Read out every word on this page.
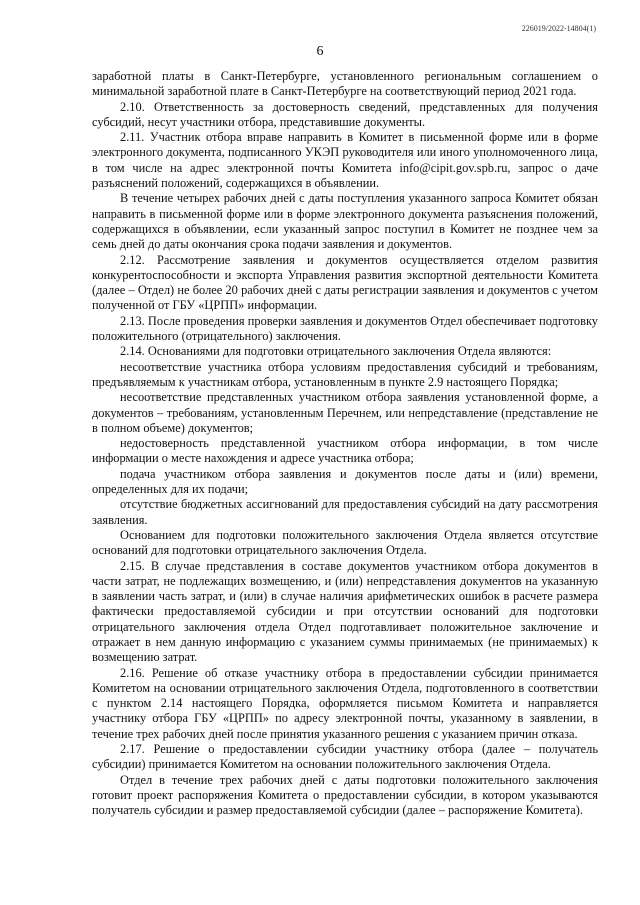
226019/2022-14804(1)
6

заработной платы в Санкт-Петербурге, установленного региональным соглашением о минимальной заработной плате в Санкт-Петербурге на соответствующий период 2021 года.

2.10. Ответственность за достоверность сведений, представленных для получения субсидий, несут участники отбора, представившие документы.

2.11. Участник отбора вправе направить в Комитет в письменной форме или в форме электронного документа, подписанного УКЭП руководителя или иного уполномоченного лица, в том числе на адрес электронной почты Комитета info@cipit.gov.spb.ru, запрос о даче разъяснений положений, содержащихся в объявлении.

В течение четырех рабочих дней с даты поступления указанного запроса Комитет обязан направить в письменной форме или в форме электронного документа разъяснения положений, содержащихся в объявлении, если указанный запрос поступил в Комитет не позднее чем за семь дней до даты окончания срока подачи заявления и документов.

2.12. Рассмотрение заявления и документов осуществляется отделом развития конкурентоспособности и экспорта Управления развития экспортной деятельности Комитета (далее – Отдел) не более 20 рабочих дней с даты регистрации заявления и документов с учетом полученной от ГБУ «ЦРПП» информации.

2.13. После проведения проверки заявления и документов Отдел обеспечивает подготовку положительного (отрицательного) заключения.

2.14. Основаниями для подготовки отрицательного заключения Отдела являются:

несоответствие участника отбора условиям предоставления субсидий и требованиям, предъявляемым к участникам отбора, установленным в пункте 2.9 настоящего Порядка;

несоответствие представленных участником отбора заявления установленной форме, а документов – требованиям, установленным Перечнем, или непредставление (представление не в полном объеме) документов;

недостоверность представленной участником отбора информации, в том числе информации о месте нахождения и адресе участника отбора;

подача участником отбора заявления и документов после даты и (или) времени, определенных для их подачи;

отсутствие бюджетных ассигнований для предоставления субсидий на дату рассмотрения заявления.

Основанием для подготовки положительного заключения Отдела является отсутствие оснований для подготовки отрицательного заключения Отдела.

2.15. В случае представления в составе документов участником отбора документов в части затрат, не подлежащих возмещению, и (или) непредставления документов на указанную в заявлении часть затрат, и (или) в случае наличия арифметических ошибок в расчете размера фактически предоставляемой субсидии и при отсутствии оснований для подготовки отрицательного заключения отдела Отдел подготавливает положительное заключение и отражает в нем данную информацию с указанием суммы принимаемых (не принимаемых) к возмещению затрат.

2.16. Решение об отказе участнику отбора в предоставлении субсидии принимается Комитетом на основании отрицательного заключения Отдела, подготовленного в соответствии с пунктом 2.14 настоящего Порядка, оформляется письмом Комитета и направляется участнику отбора ГБУ «ЦРПП» по адресу электронной почты, указанному в заявлении, в течение трех рабочих дней после принятия указанного решения с указанием причин отказа.

2.17. Решение о предоставлении субсидии участнику отбора (далее – получатель субсидии) принимается Комитетом на основании положительного заключения Отдела.

Отдел в течение трех рабочих дней с даты подготовки положительного заключения готовит проект распоряжения Комитета о предоставлении субсидии, в котором указываются получатель субсидии и размер предоставляемой субсидии (далее – распоряжение Комитета).
